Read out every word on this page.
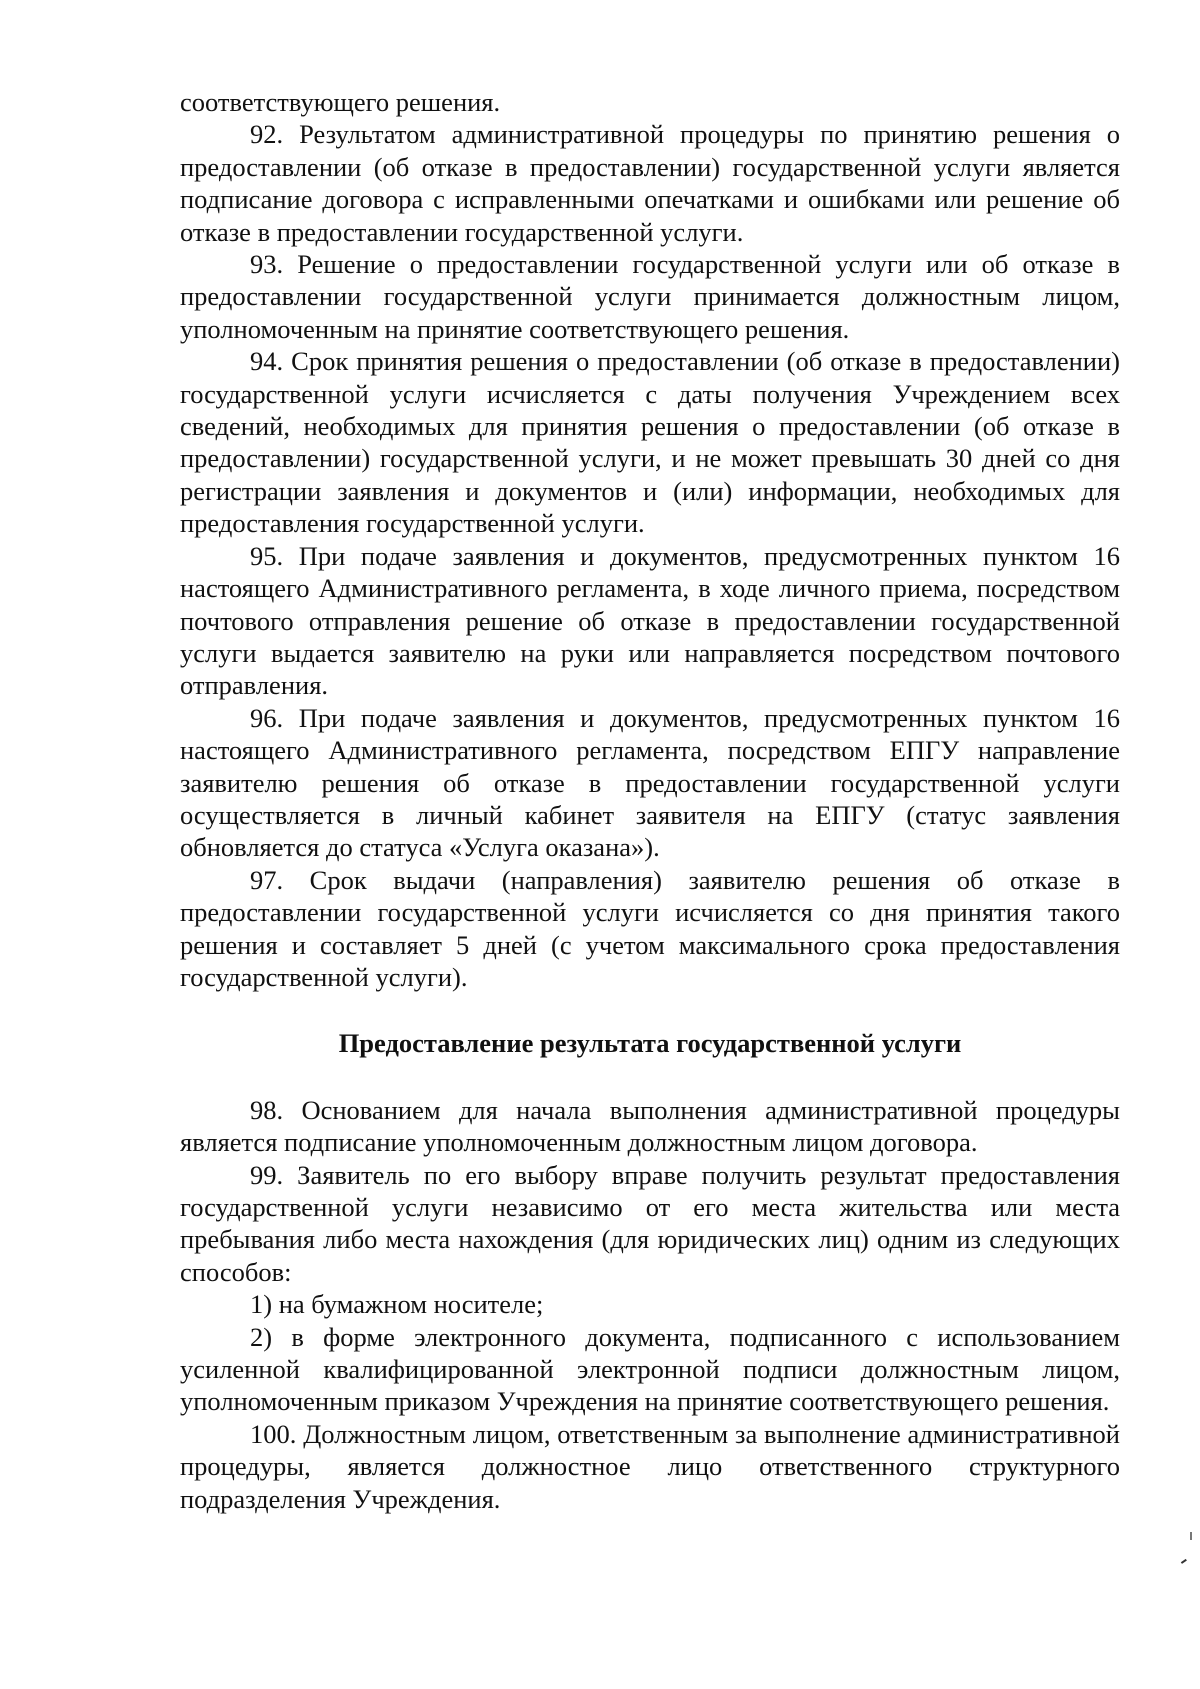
соответствующего решения.

92. Результатом административной процедуры по принятию решения о предоставлении (об отказе в предоставлении) государственной услуги является подписание договора с исправленными опечатками и ошибками или решение об отказе в предоставлении государственной услуги.

93. Решение о предоставлении государственной услуги или об отказе в предоставлении государственной услуги принимается должностным лицом, уполномоченным на принятие соответствующего решения.

94. Срок принятия решения о предоставлении (об отказе в предоставлении) государственной услуги исчисляется с даты получения Учреждением всех сведений, необходимых для принятия решения о предоставлении (об отказе в предоставлении) государственной услуги, и не может превышать 30 дней со дня регистрации заявления и документов и (или) информации, необходимых для предоставления государственной услуги.

95. При подаче заявления и документов, предусмотренных пунктом 16 настоящего Административного регламента, в ходе личного приема, посредством почтового отправления решение об отказе в предоставлении государственной услуги выдается заявителю на руки или направляется посредством почтового отправления.

96. При подаче заявления и документов, предусмотренных пунктом 16 настоящего Административного регламента, посредством ЕПГУ направление заявителю решения об отказе в предоставлении государственной услуги осуществляется в личный кабинет заявителя на ЕПГУ (статус заявления обновляется до статуса «Услуга оказана»).

97. Срок выдачи (направления) заявителю решения об отказе в предоставлении государственной услуги исчисляется со дня принятия такого решения и составляет 5 дней (с учетом максимального срока предоставления государственной услуги).

Предоставление результата государственной услуги

98. Основанием для начала выполнения административной процедуры является подписание уполномоченным должностным лицом договора.

99. Заявитель по его выбору вправе получить результат предоставления государственной услуги независимо от его места жительства или места пребывания либо места нахождения (для юридических лиц) одним из следующих способов:

1) на бумажном носителе;

2) в форме электронного документа, подписанного с использованием усиленной квалифицированной электронной подписи должностным лицом, уполномоченным приказом Учреждения на принятие соответствующего решения.

100. Должностным лицом, ответственным за выполнение административной процедуры, является должностное лицо ответственного структурного подразделения Учреждения.
